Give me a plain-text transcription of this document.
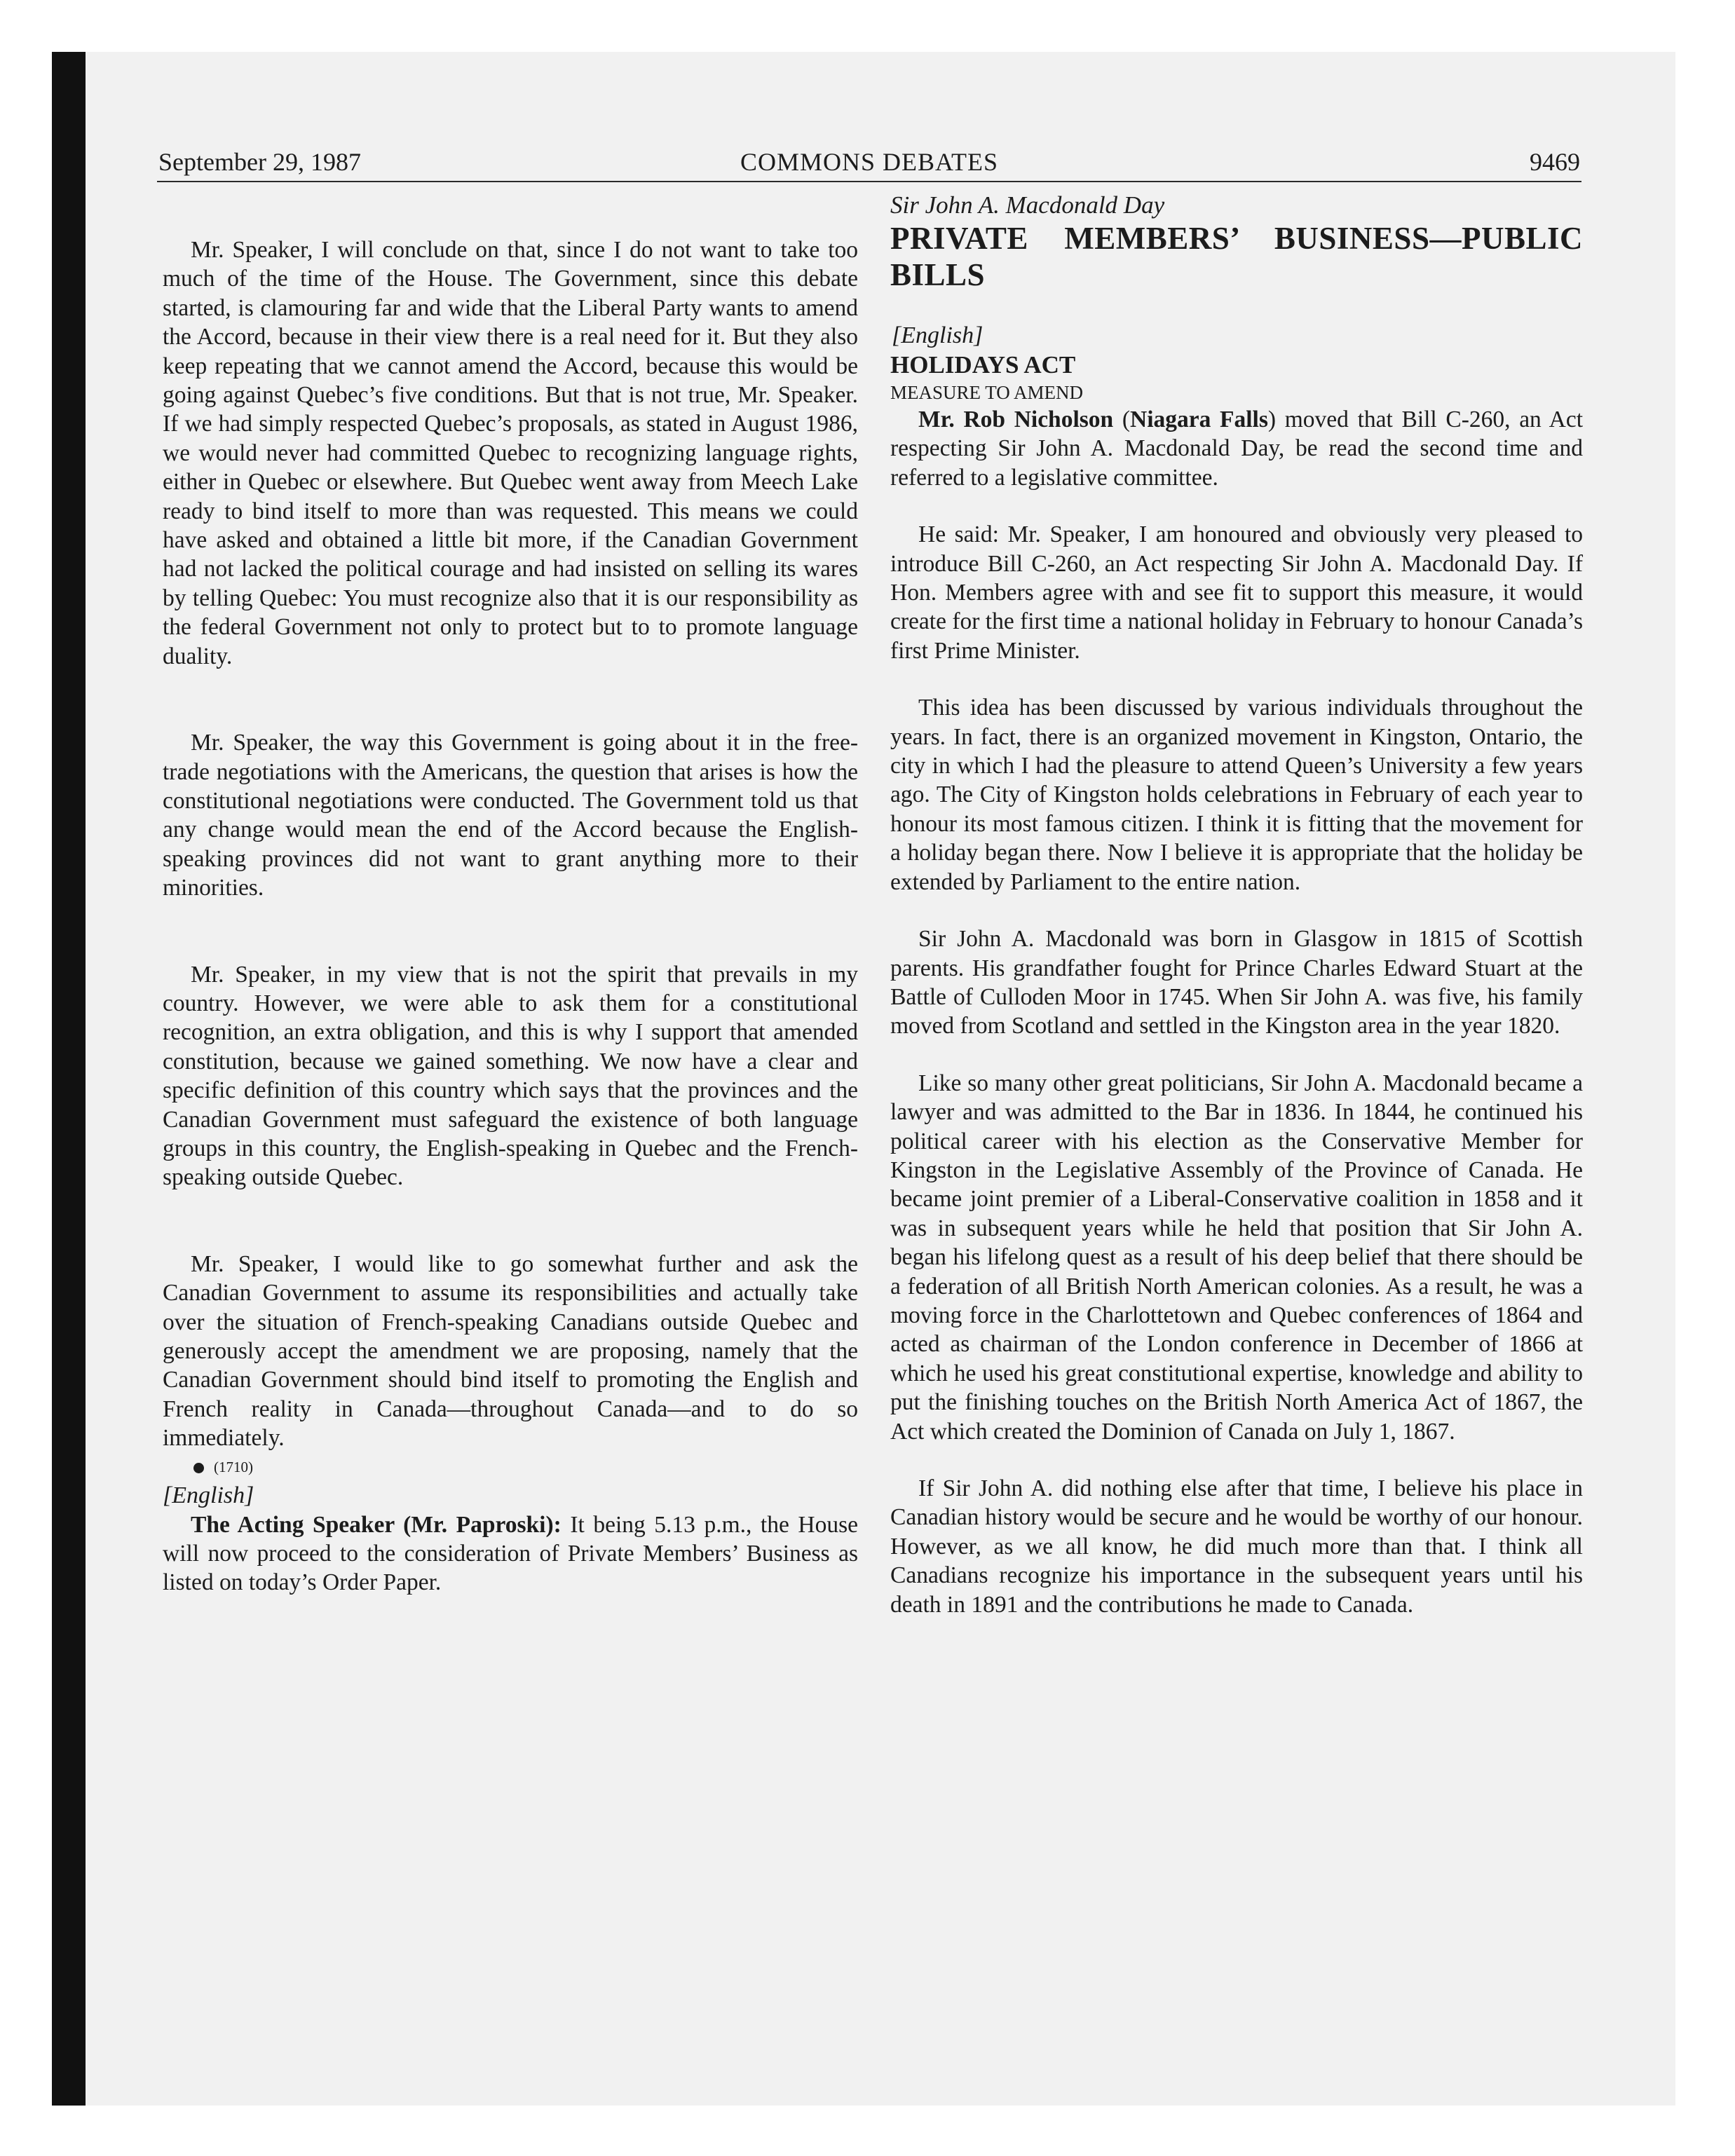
September 29, 1987	COMMONS DEBATES	9469

Mr. Speaker, I will conclude on that, since I do not want to take too much of the time of the House. The Government, since this debate started, is clamouring far and wide that the Liberal Party wants to amend the Accord, because in their view there is a real need for it. But they also keep repeating that we cannot amend the Accord, because this would be going against Quebec’s five conditions. But that is not true, Mr. Speaker. If we had simply respected Quebec’s proposals, as stated in August 1986, we would never had committed Quebec to recognizing language rights, either in Quebec or elsewhere. But Quebec went away from Meech Lake ready to bind itself to more than was requested. This means we could have asked and obtained a little bit more, if the Canadian Government had not lacked the political courage and had insisted on selling its wares by telling Quebec: You must recognize also that it is our responsibility as the federal Government not only to protect but to to promote language duality.

Mr. Speaker, the way this Government is going about it in the free-trade negotiations with the Americans, the question that arises is how the constitutional negotiations were conducted. The Government told us that any change would mean the end of the Accord because the English-speaking provinces did not want to grant anything more to their minorities.

Mr. Speaker, in my view that is not the spirit that prevails in my country. However, we were able to ask them for a constitutional recognition, an extra obligation, and this is why I support that amended constitution, because we gained something. We now have a clear and specific definition of this country which says that the provinces and the Canadian Government must safeguard the existence of both language groups in this country, the English-speaking in Quebec and the French-speaking outside Quebec.

Mr. Speaker, I would like to go somewhat further and ask the Canadian Government to assume its responsibilities and actually take over the situation of French-speaking Canadians outside Quebec and generously accept the amendment we are proposing, namely that the Canadian Government should bind itself to promoting the English and French reality in Canada—throughout Canada—and to do so immediately.

(1710)

[English]

The Acting Speaker (Mr. Paproski): It being 5.13 p.m., the House will now proceed to the consideration of Private Members’ Business as listed on today’s Order Paper.

Sir John A. Macdonald Day

PRIVATE MEMBERS’ BUSINESS—PUBLIC BILLS

[English]

HOLIDAYS ACT

MEASURE TO AMEND

Mr. Rob Nicholson (Niagara Falls) moved that Bill C-260, an Act respecting Sir John A. Macdonald Day, be read the second time and referred to a legislative committee.

He said: Mr. Speaker, I am honoured and obviously very pleased to introduce Bill C-260, an Act respecting Sir John A. Macdonald Day. If Hon. Members agree with and see fit to support this measure, it would create for the first time a national holiday in February to honour Canada’s first Prime Minister.

This idea has been discussed by various individuals throughout the years. In fact, there is an organized movement in Kingston, Ontario, the city in which I had the pleasure to attend Queen’s University a few years ago. The City of Kingston holds celebrations in February of each year to honour its most famous citizen. I think it is fitting that the movement for a holiday began there. Now I believe it is appropriate that the holiday be extended by Parliament to the entire nation.

Sir John A. Macdonald was born in Glasgow in 1815 of Scottish parents. His grandfather fought for Prince Charles Edward Stuart at the Battle of Culloden Moor in 1745. When Sir John A. was five, his family moved from Scotland and settled in the Kingston area in the year 1820.

Like so many other great politicians, Sir John A. Macdonald became a lawyer and was admitted to the Bar in 1836. In 1844, he continued his political career with his election as the Conservative Member for Kingston in the Legislative Assembly of the Province of Canada. He became joint premier of a Liberal-Conservative coalition in 1858 and it was in subsequent years while he held that position that Sir John A. began his lifelong quest as a result of his deep belief that there should be a federation of all British North American colonies. As a result, he was a moving force in the Charlottetown and Quebec conferences of 1864 and acted as chairman of the London conference in December of 1866 at which he used his great constitutional expertise, knowledge and ability to put the finishing touches on the British North America Act of 1867, the Act which created the Dominion of Canada on July 1, 1867.

If Sir John A. did nothing else after that time, I believe his place in Canadian history would be secure and he would be worthy of our honour. However, as we all know, he did much more than that. I think all Canadians recognize his importance in the subsequent years until his death in 1891 and the contributions he made to Canada.
